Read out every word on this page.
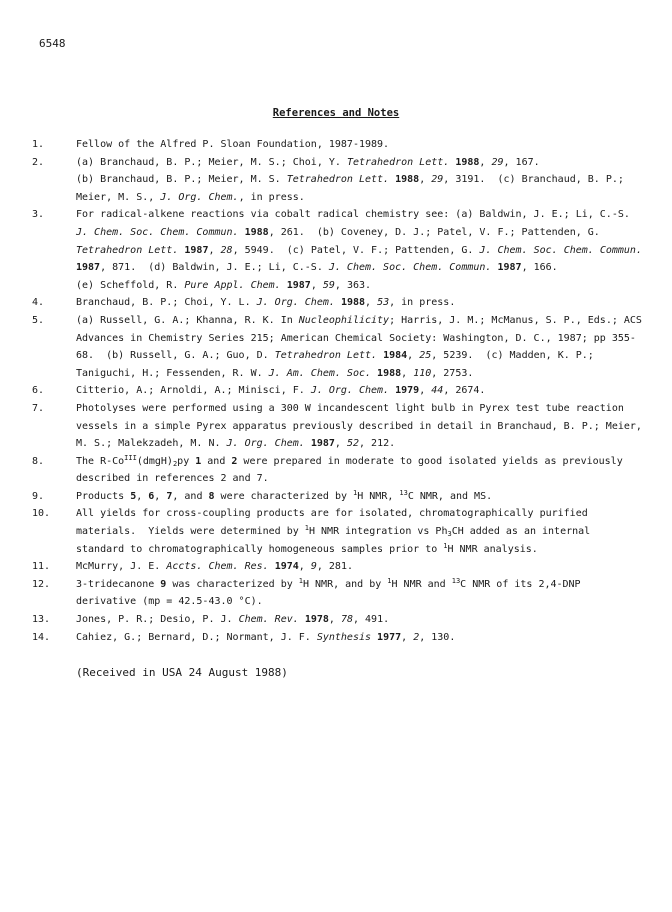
6548
References and Notes

1.	Fellow of the Alfred P. Sloan Foundation, 1987-1989.

2.	(a) Branchaud, B. P.; Meier, M. S.; Choi, Y. Tetrahedron Lett. 1988, 29, 167.
(b) Branchaud, B. P.; Meier, M. S. Tetrahedron Lett. 1988, 29, 3191.  (c) Branchaud, B. P.; Meier, M. S., J. Org. Chem., in press.

3.	For radical-alkene reactions via cobalt radical chemistry see: (a) Baldwin, J. E.; Li, C.-S. J. Chem. Soc. Chem. Commun. 1988, 261.  (b) Coveney, D. J.; Patel, V. F.; Pattenden, G. Tetrahedron Lett. 1987, 28, 5949.  (c) Patel, V. F.; Pattenden, G. J. Chem. Soc. Chem. Commun. 1987, 871.  (d) Baldwin, J. E.; Li, C.-S. J. Chem. Soc. Chem. Commun. 1987, 166.
(e) Scheffold, R. Pure Appl. Chem. 1987, 59, 363.

4.	Branchaud, B. P.; Choi, Y. L. J. Org. Chem. 1988, 53, in press.

5.	(a) Russell, G. A.; Khanna, R. K. In Nucleophilicity; Harris, J. M.; McManus, S. P., Eds.; ACS Advances in Chemistry Series 215; American Chemical Society: Washington, D. C., 1987; pp 355-68.  (b) Russell, G. A.; Guo, D. Tetrahedron Lett. 1984, 25, 5239.  (c) Madden, K. P.; Taniguchi, H.; Fessenden, R. W. J. Am. Chem. Soc. 1988, 110, 2753.

6.	Citterio, A.; Arnoldi, A.; Minisci, F. J. Org. Chem. 1979, 44, 2674.

7.	Photolyses were performed using a 300 W incandescent light bulb in Pyrex test tube reaction vessels in a simple Pyrex apparatus previously described in detail in Branchaud, B. P.; Meier, M. S.; Malekzadeh, M. N. J. Org. Chem. 1987, 52, 212.

8.	The $R-Co^{III}(dmgH)_2py$ 1 and 2 were prepared in moderate to good isolated yields as previously described in references 2 and 7.

9.	Products 5, 6, 7, and 8 were characterized by $^1$H NMR, $^{13}$C NMR, and MS.

10.	All yields for cross-coupling products are for isolated, chromatographically purified materials.  Yields were determined by $^1$H NMR integration vs $Ph_3CH$ added as an internal standard to chromatographically homogeneous samples prior to $^1$H NMR analysis.

11.	McMurry, J. E. Accts. Chem. Res. 1974, 9, 281.

12.	3-tridecanone 9 was characterized by $^1$H NMR, and by $^1$H NMR and $^{13}$C NMR of its 2,4-DNP derivative (mp = 42.5-43.0 °C).

13.	Jones, P. R.; Desio, P. J. Chem. Rev. 1978, 78, 491.

14.	Cahiez, G.; Bernard, D.; Normant, J. F. Synthesis 1977, 2, 130.

(Received in USA 24 August 1988)
